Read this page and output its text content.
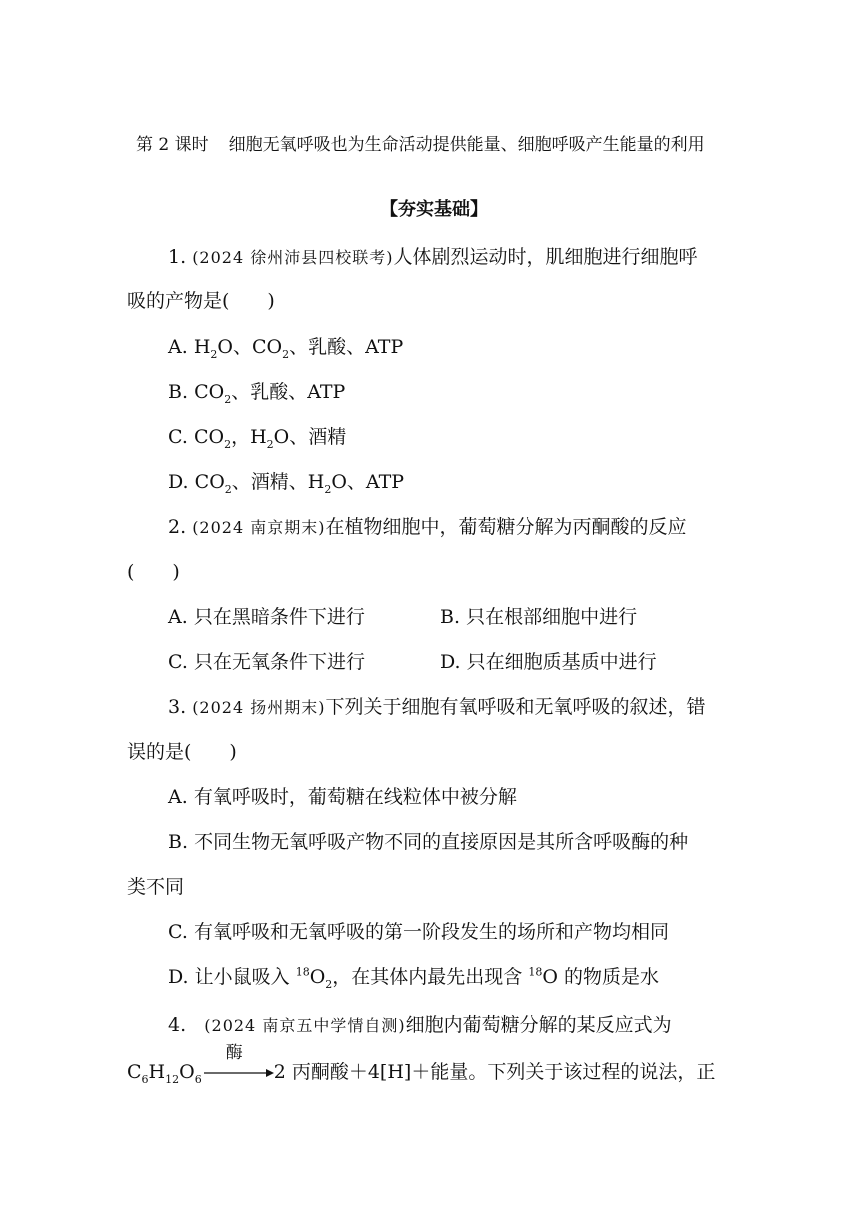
第 2 课时 细胞无氧呼吸也为生命活动提供能量、细胞呼吸产生能量的利用
【夯实基础】
1. (2024 徐州沛县四校联考)人体剧烈运动时，肌细胞进行细胞呼
吸的产物是(　　)
A. $H_2O$、$CO_2$、乳酸、ATP
B. $CO_2$、乳酸、ATP
C. $CO_2$，$H_2O$、酒精
D. $CO_2$、酒精、$H_2O$、ATP
2. (2024 南京期末)在植物细胞中，葡萄糖分解为丙酮酸的反应
(　　)
A. 只在黑暗条件下进行	B. 只在根部细胞中进行
C. 只在无氧条件下进行	D. 只在细胞质基质中进行
3. (2024 扬州期末)下列关于细胞有氧呼吸和无氧呼吸的叙述，错
误的是(　　)
A. 有氧呼吸时，葡萄糖在线粒体中被分解
B. 不同生物无氧呼吸产物不同的直接原因是其所含呼吸酶的种
类不同
C. 有氧呼吸和无氧呼吸的第一阶段发生的场所和产物均相同
D. 让小鼠吸入 $^{18}O_2$，在其体内最先出现含 $^{18}$O 的物质是水
4. (2024 南京五中学情自测)细胞内葡萄糖分解的某反应式为
$C_6H_{12}O_6$
酶
2 丙酮酸＋4[H]＋能量。下列关于该过程的说法，正
